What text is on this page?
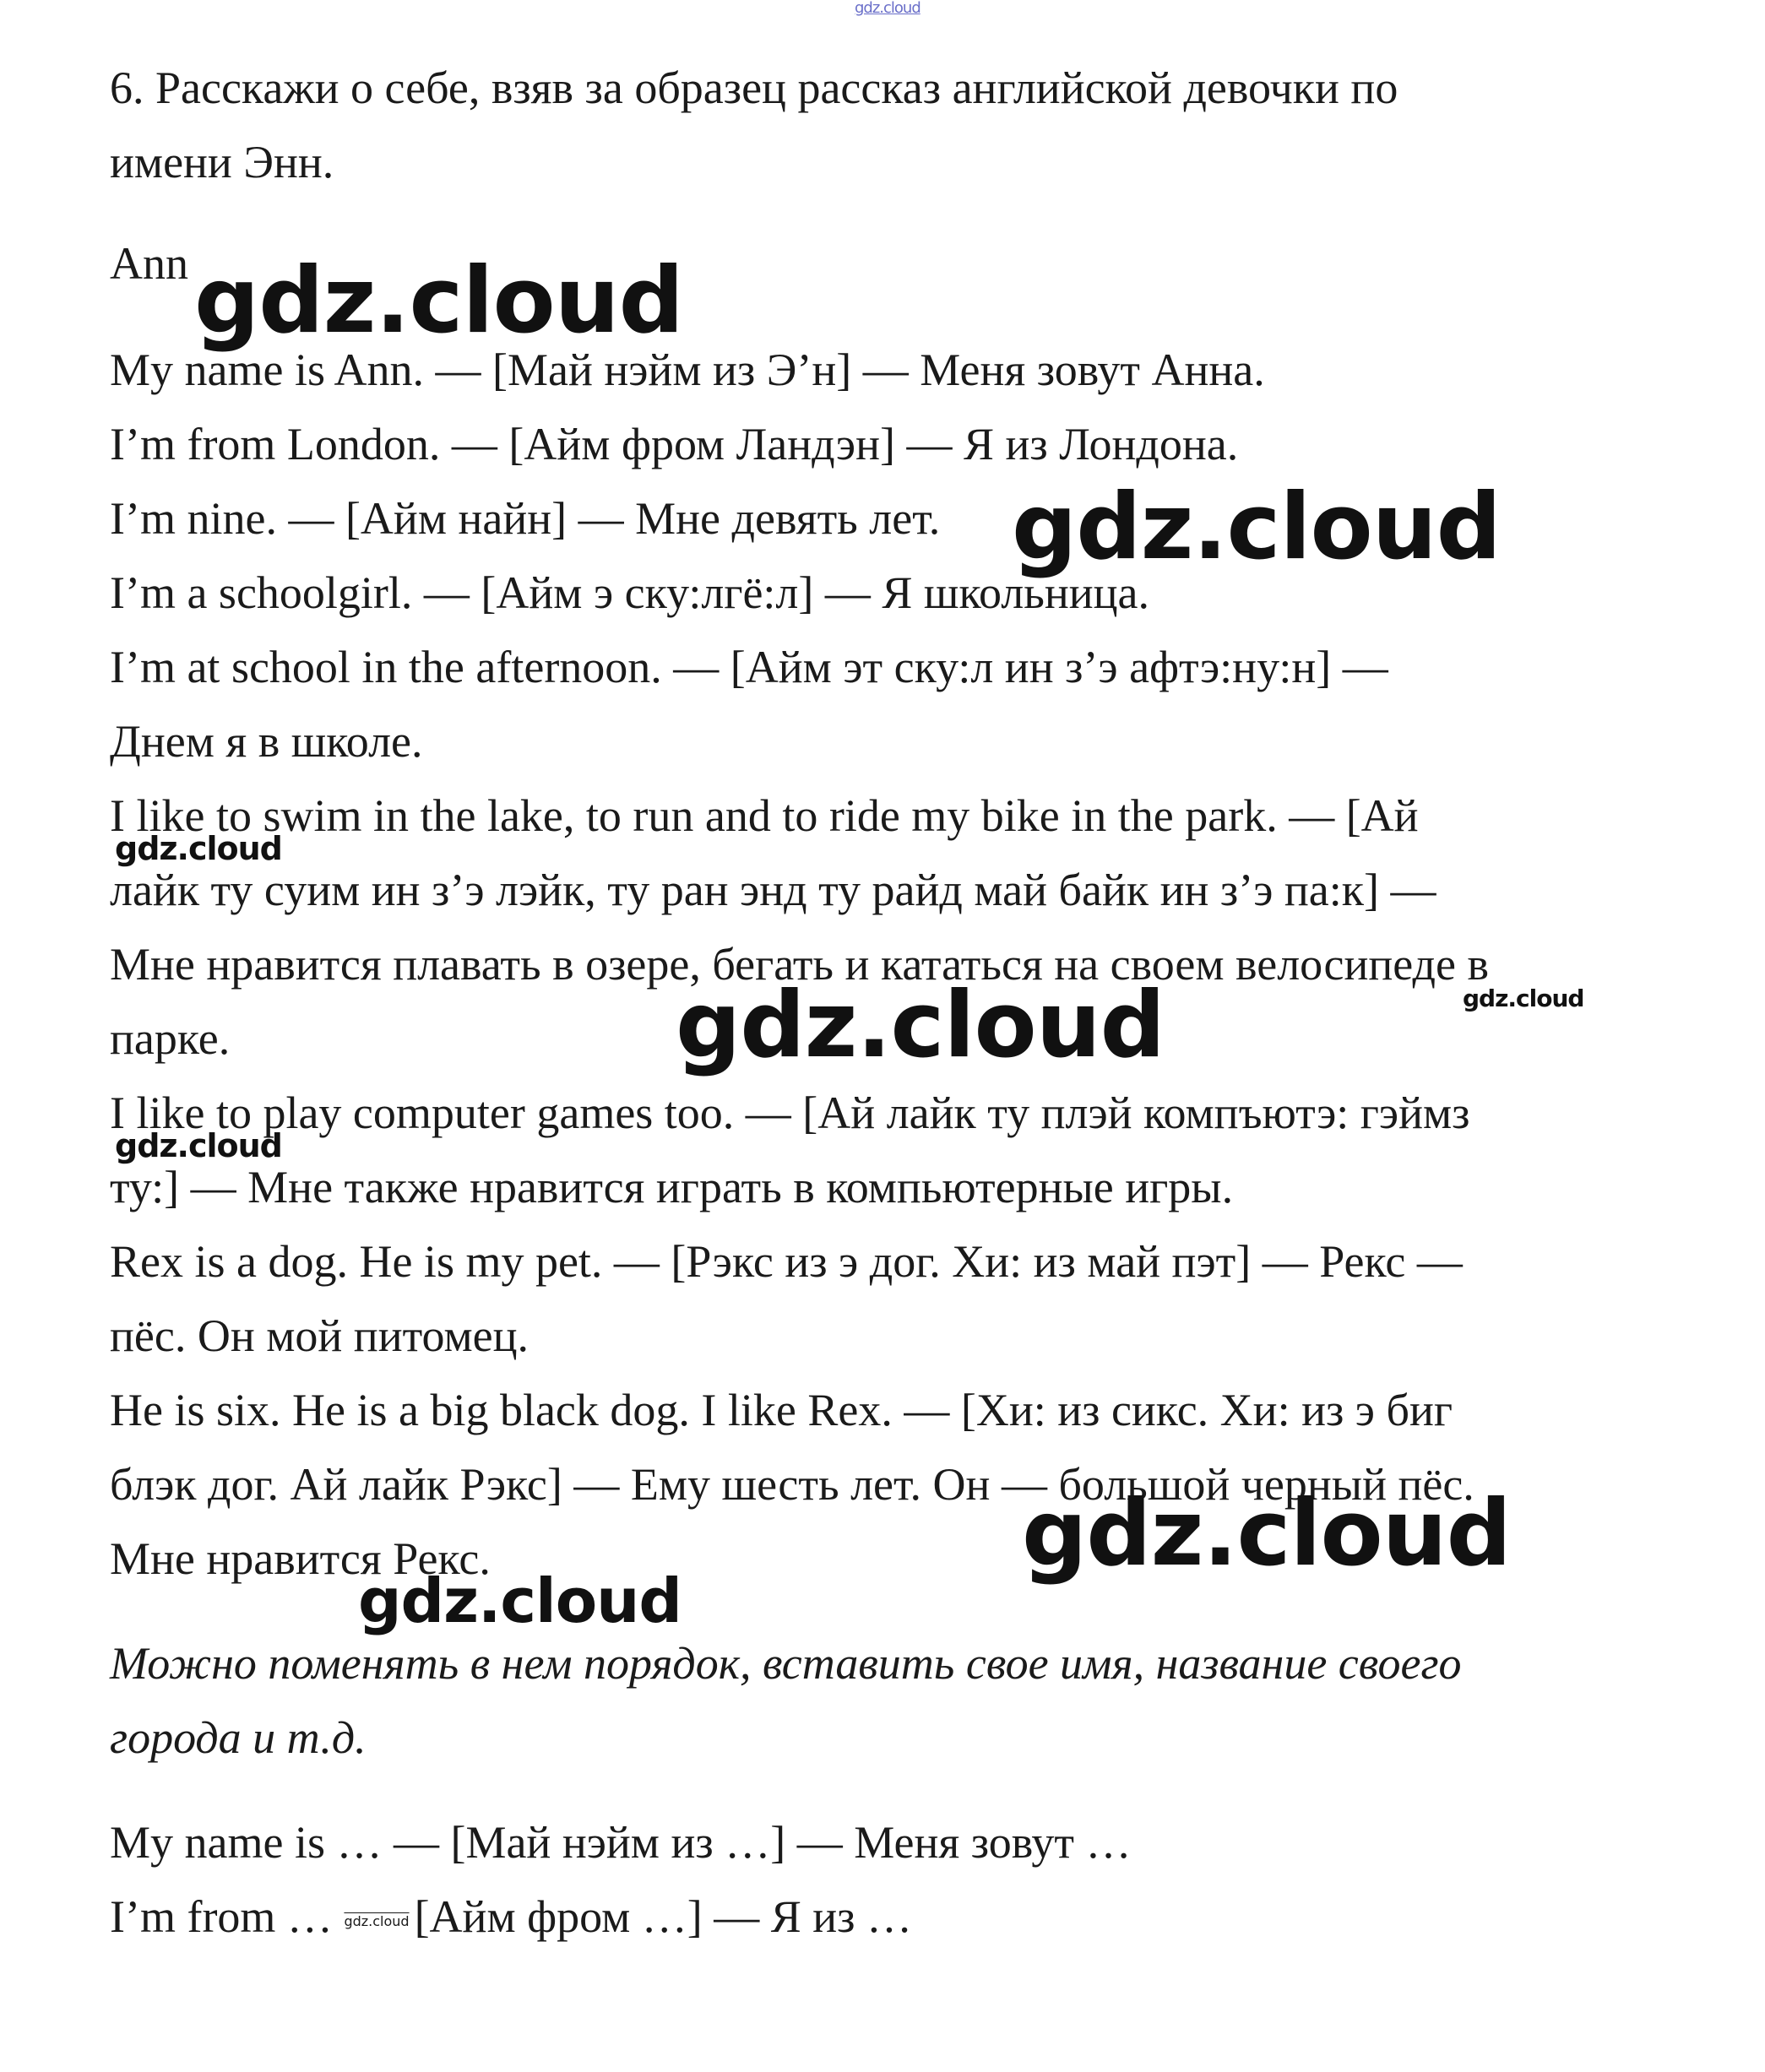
gdz.cloud
6. Расскажи о себе, взяв за образец рассказ английской девочки по
имени Энн.
Ann
My name is Ann. — [Май нэйм из Э’н] — Меня зовут Анна.
I’m from London. — [Айм фром Ландэн] — Я из Лондона.
I’m nine. — [Айм найн] — Мне девять лет.
I’m a schoolgirl. — [Айм э ску:лгё:л] — Я школьница.
I’m at school in the afternoon. — [Айм эт ску:л ин з’э афтэ:ну:н] —
Днем я в школе.
I like to swim in the lake, to run and to ride my bike in the park. — [Ай
лайк ту суим ин з’э лэйк, ту ран энд ту райд май байк ин з’э па:к] —
Мне нравится плавать в озере, бегать и кататься на своем велосипеде в
парке.
I like to play computer games too. — [Ай лайк ту плэй компъютэ: гэймз
ту:] — Мне также нравится играть в компьютерные игры.
Rex is a dog. He is my pet. — [Рэкс из э дог. Хи: из май пэт] — Рекс —
пёс. Он мой питомец.
He is six. He is a big black dog. I like Rex. — [Хи: из сикс. Хи: из э биг
блэк дог. Ай лайк Рэкс] — Ему шесть лет. Он — большой черный пёс.
Мне нравится Рекс.
Можно поменять в нем порядок, вставить свое имя, название своего
города и т.д.
My name is … — [Май нэйм из …] — Меня зовут …
I’m from … gdz.cloud [Айм фром …] — Я из …
gdz.cloud
gdz.cloud
gdz.cloud
gdz.cloud	gdz.cloud
gdz.cloud
gdz.cloud
gdz.cloud
